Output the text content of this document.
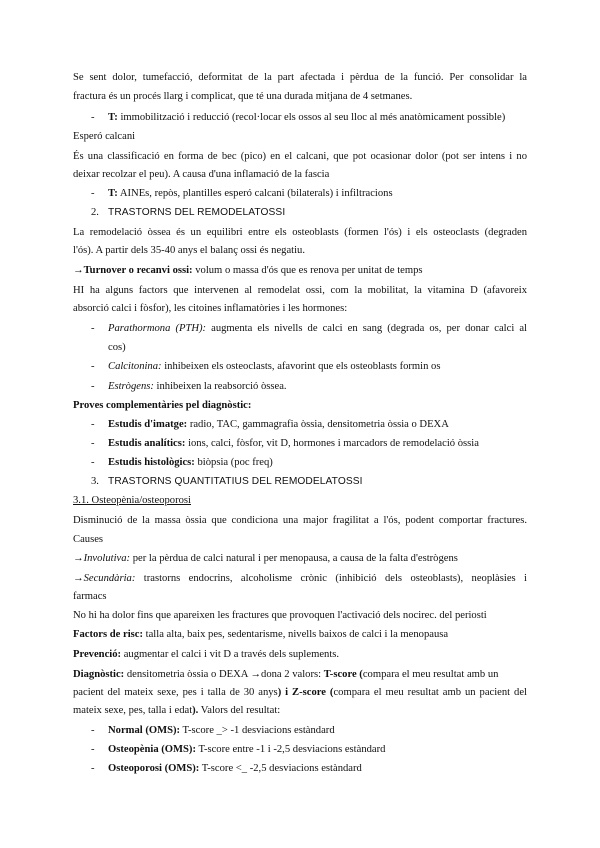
Se sent dolor, tumefacció, deformitat de la part afectada i pèrdua de la funció. Per consolidar la
fractura és un procés llarg i complicat, que té una durada mitjana de 4 setmanes.
- T: immobilització i reducció (recol·locar els ossos al seu lloc al més anatòmicament possible)
Esperó calcani
És una classificació en forma de bec (pico) en el calcani, que pot ocasionar dolor (pot ser intens i no
deixar recolzar el peu). A causa d'una inflamació de la fascia
- T: AINEs, repòs, plantilles esperó calcani (bilaterals) i infiltracions
2. TRASTORNS DEL REMODELATOSSI
La remodelació òssea és un equilibri entre els osteoblasts (formen l'ós) i els osteoclasts (degraden
l'ós). A partir dels 35-40 anys el balanç ossi és negatiu.
→Turnover o recanvi ossi: volum o massa d'ós que es renova per unitat de temps
HI ha alguns factors que intervenen al remodelat ossi, com la mobilitat, la vitamina D (afavoreix
absorció calci i fòsfor), les citoines inflamatòries i les hormones:
- Parathormona (PTH): augmenta els nivells de calci en sang (degrada os, per donar calci al
cos)
- Calcitonina: inhibeixen els osteoclasts, afavorint que els osteoblasts formin os
- Estrògens: inhibeixen la reabsorció òssea.
Proves complementàries pel diagnòstic:
- Estudis d'imatge: radio, TAC, gammagrafia òssia, densitometria òssia o DEXA
- Estudis analítics: ions, calci, fòsfor, vit D, hormones i marcadors de remodelació òssia
- Estudis histològics: biòpsia (poc freq)
3. TRASTORNS QUANTITATIUS DEL REMODELATOSSI
3.1. Osteopènia/osteoporosi
Disminució de la massa òssia que condiciona una major fragilitat a l'ós, podent comportar fractures.
Causes
→Involutiva: per la pèrdua de calci natural i per menopausa, a causa de la falta d'estrògens
→Secundària: trastorns endocrins, alcoholisme crònic (inhibició dels osteoblasts), neoplàsies i
farmacs
No hi ha dolor fins que apareixen les fractures que provoquen l'activació dels nocirec. del periosti
Factors de risc: talla alta, baix pes, sedentarisme, nivells baixos de calci i la menopausa
Prevenció: augmentar el calci i vit D a través dels suplements.
Diagnòstic: densitometria òssia o DEXA →dona 2 valors: T-score (compara el meu resultat amb un
pacient del mateix sexe, pes i talla de 30 anys) i Z-score (compara el meu resultat amb un pacient del
mateix sexe, pes, talla i edat). Valors del resultat:
- Normal (OMS): T-score _> -1 desviacions estàndard
- Osteopènia (OMS): T-score entre -1 i -2,5 desviacions estàndard
- Osteoporosi (OMS): T-score <_ -2,5 desviacions estàndard
